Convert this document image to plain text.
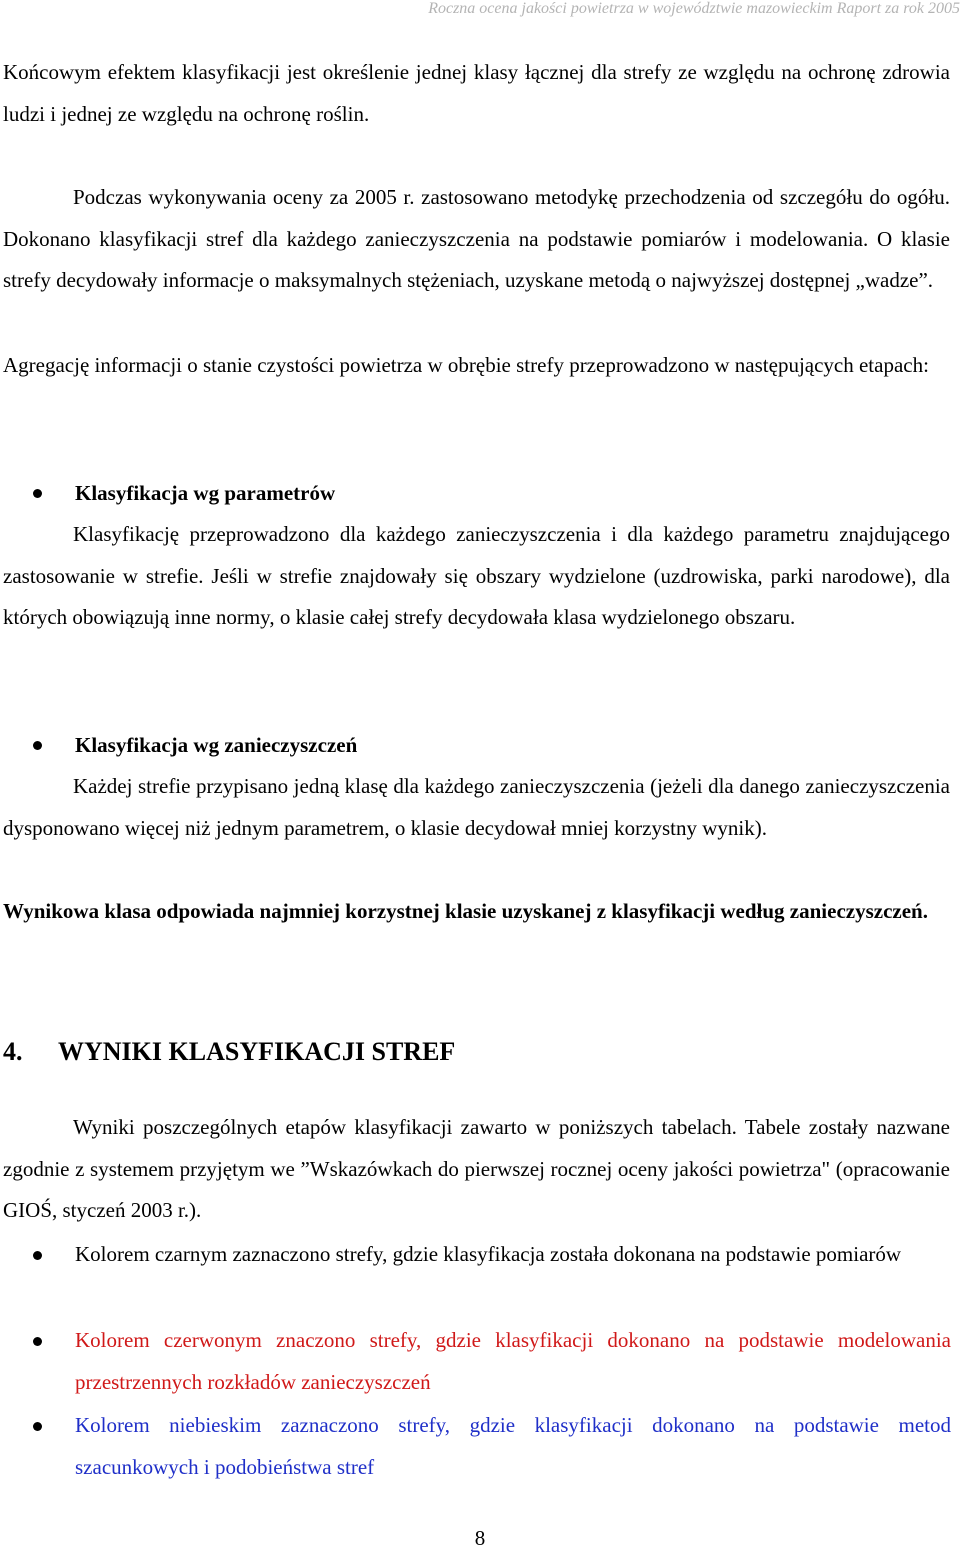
Roczna ocena jakości powietrza w województwie mazowieckim Raport za rok 2005

Końcowym efektem klasyfikacji jest określenie jednej klasy łącznej dla strefy ze względu na ochronę zdrowia ludzi i jednej ze względu na ochronę roślin.

Podczas wykonywania oceny za 2005 r. zastosowano metodykę przechodzenia od szczegółu do ogółu. Dokonano klasyfikacji stref dla każdego zanieczyszczenia na podstawie pomiarów i modelowania. O klasie strefy decydowały informacje o maksymalnych stężeniach, uzyskane metodą o najwyższej dostępnej „wadze”.

Agregację informacji o stanie czystości powietrza w obrębie strefy przeprowadzono w następujących etapach:

Klasyfikacja wg parametrów

Klasyfikację przeprowadzono dla każdego zanieczyszczenia i dla każdego parametru znajdującego zastosowanie w strefie. Jeśli w strefie znajdowały się obszary wydzielone (uzdrowiska, parki narodowe), dla których obowiązują inne normy, o klasie całej strefy decydowała klasa wydzielonego obszaru.

Klasyfikacja wg zanieczyszczeń

Każdej strefie przypisano jedną klasę dla każdego zanieczyszczenia (jeżeli dla danego zanieczyszczenia dysponowano więcej niż jednym parametrem, o klasie decydował mniej korzystny wynik).

Wynikowa klasa odpowiada najmniej korzystnej klasie uzyskanej z klasyfikacji według zanieczyszczeń.

4. WYNIKI KLASYFIKACJI STREF

Wyniki poszczególnych etapów klasyfikacji zawarto w poniższych tabelach. Tabele zostały nazwane zgodnie z systemem przyjętym we ”Wskazówkach do pierwszej rocznej oceny jakości powietrza" (opracowanie GIOŚ, styczeń 2003 r.).

Kolorem czarnym zaznaczono strefy, gdzie klasyfikacja została dokonana na podstawie pomiarów

Kolorem czerwonym znaczono strefy, gdzie klasyfikacji dokonano na podstawie modelowania przestrzennych rozkładów zanieczyszczeń

Kolorem niebieskim zaznaczono strefy, gdzie klasyfikacji dokonano na podstawie metod szacunkowych i podobieństwa stref

8
